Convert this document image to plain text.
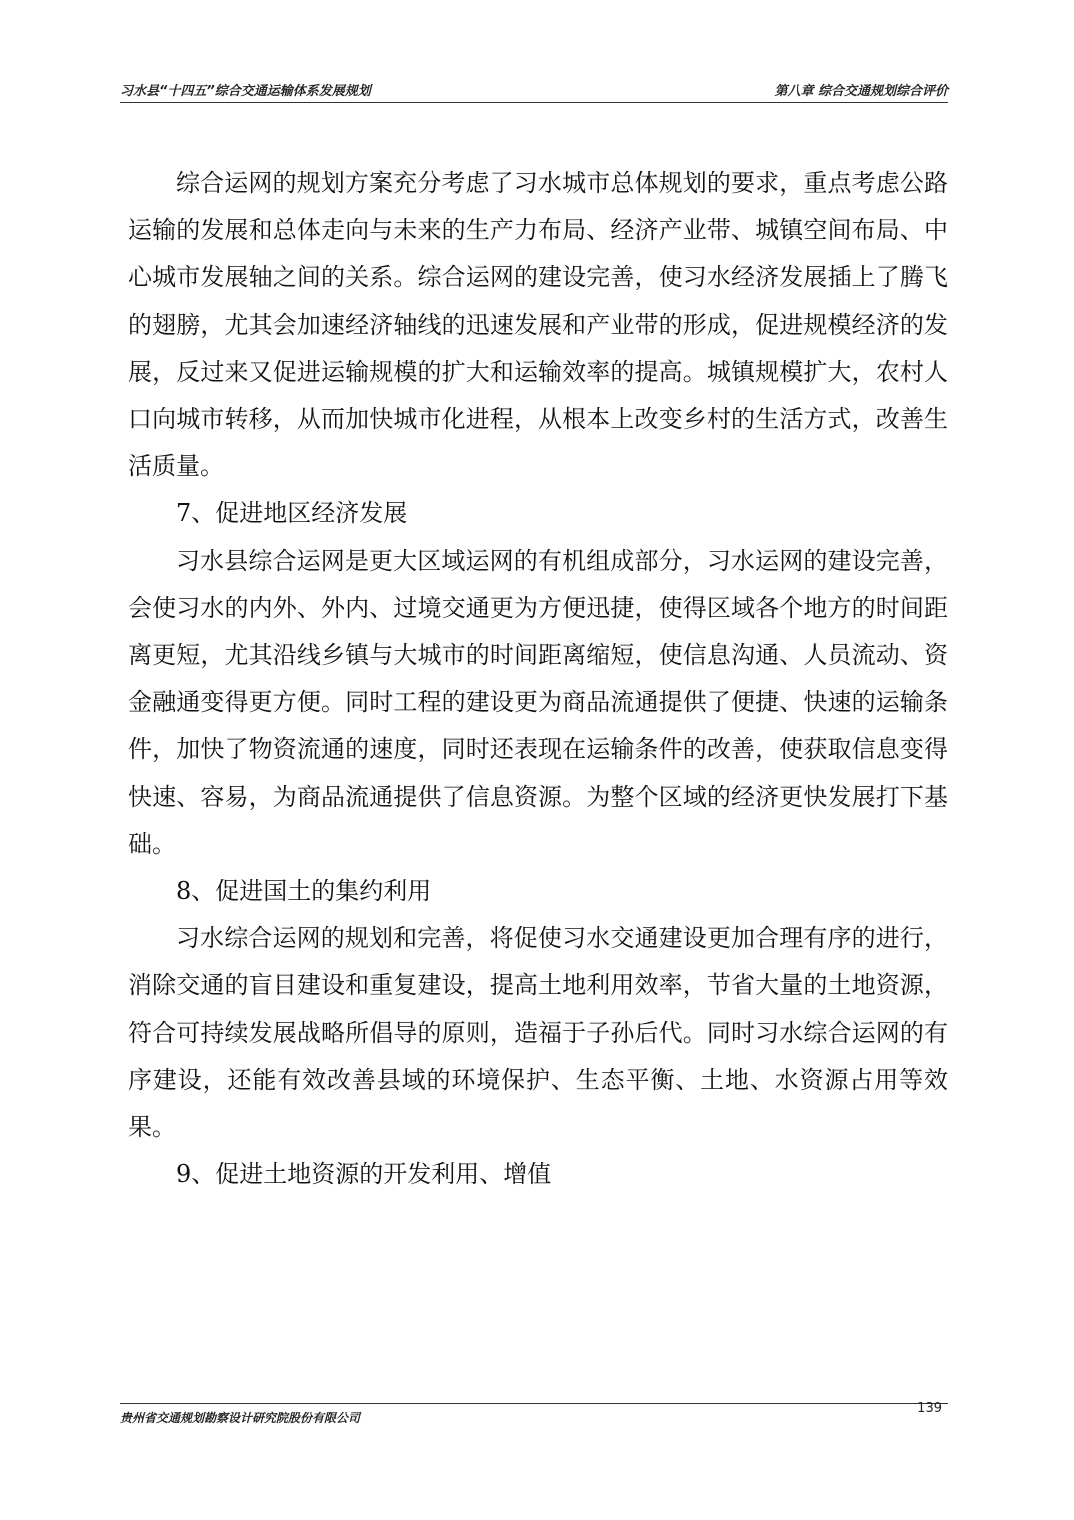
习水县“十四五”综合交通运输体系发展规划	第八章 综合交通规划综合评价

综合运网的规划方案充分考虑了习水城市总体规划的要求，重点考虑公路运输的发展和总体走向与未来的生产力布局、经济产业带、城镇空间布局、中心城市发展轴之间的关系。综合运网的建设完善，使习水经济发展插上了腾飞的翅膀，尤其会加速经济轴线的迅速发展和产业带的形成，促进规模经济的发展，反过来又促进运输规模的扩大和运输效率的提高。城镇规模扩大，农村人口向城市转移，从而加快城市化进程，从根本上改变乡村的生活方式，改善生活质量。

7、促进地区经济发展

习水县综合运网是更大区域运网的有机组成部分，习水运网的建设完善，会使习水的内外、外内、过境交通更为方便迅捷，使得区域各个地方的时间距离更短，尤其沿线乡镇与大城市的时间距离缩短，使信息沟通、人员流动、资金融通变得更方便。同时工程的建设更为商品流通提供了便捷、快速的运输条件，加快了物资流通的速度，同时还表现在运输条件的改善，使获取信息变得快速、容易，为商品流通提供了信息资源。为整个区域的经济更快发展打下基础。

8、促进国土的集约利用

习水综合运网的规划和完善，将促使习水交通建设更加合理有序的进行，消除交通的盲目建设和重复建设，提高土地利用效率，节省大量的土地资源，符合可持续发展战略所倡导的原则，造福于子孙后代。同时习水综合运网的有序建设，还能有效改善县域的环境保护、生态平衡、土地、水资源占用等效果。

9、促进土地资源的开发利用、增值

贵州省交通规划勘察设计研究院股份有限公司
139
